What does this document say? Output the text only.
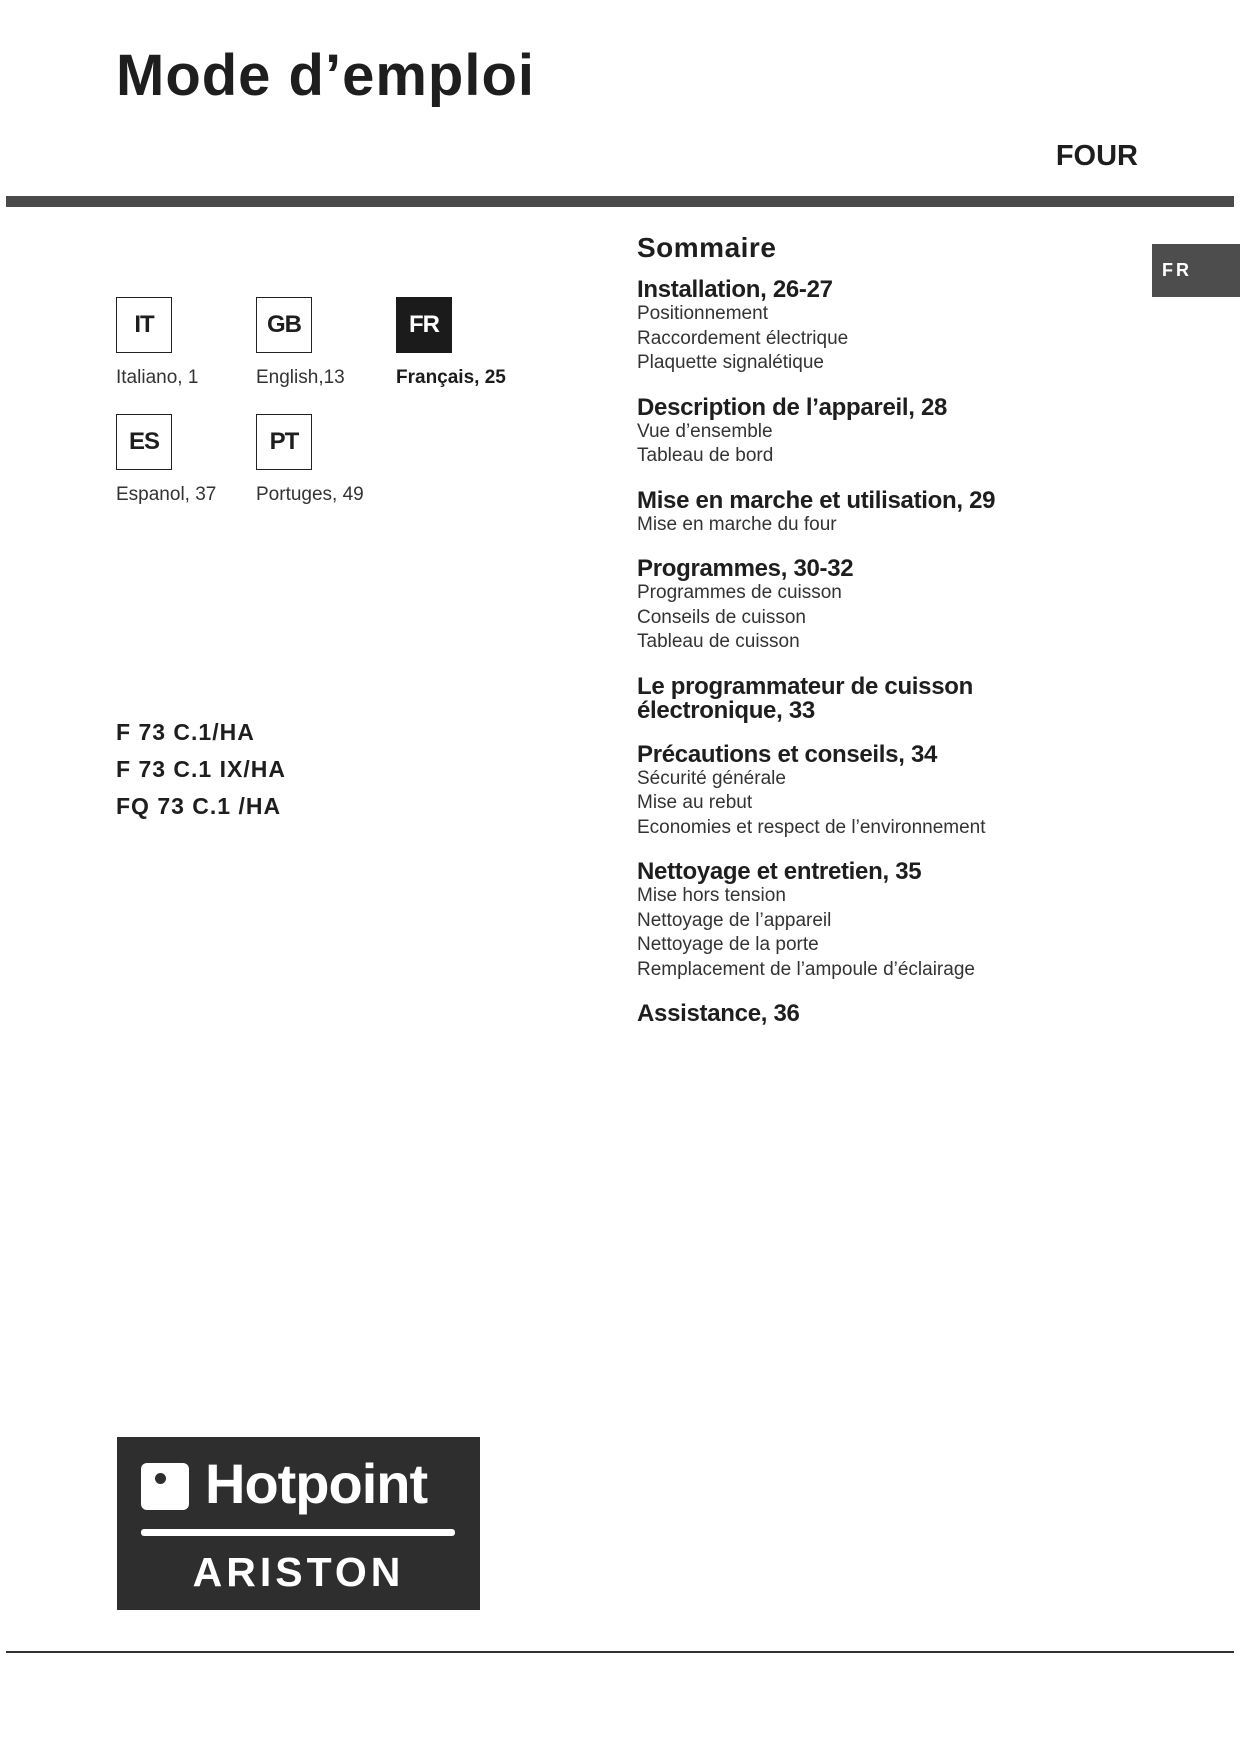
Mode d’emploi
FOUR
FR
IT
Italiano, 1
GB
English,13
FR
Français, 25
ES
Espanol, 37
PT
Portuges, 49
F 73 C.1/HA
F 73 C.1 IX/HA
FQ 73 C.1 /HA
Sommaire
Installation, 26-27
Positionnement
Raccordement électrique
Plaquette signalétique
Description de l’appareil, 28
Vue d’ensemble
Tableau de bord
Mise en marche et utilisation, 29
Mise en marche du four
Programmes, 30-32
Programmes de cuisson
Conseils de cuisson
Tableau de cuisson
Le programmateur de cuisson
électronique, 33
Précautions et conseils, 34
Sécurité générale
Mise au rebut
Economies et respect de l’environnement
Nettoyage et entretien, 35
Mise hors tension
Nettoyage de l’appareil
Nettoyage de la porte
Remplacement de l’ampoule d’éclairage
Assistance, 36
Hotpoint
ARISTON
